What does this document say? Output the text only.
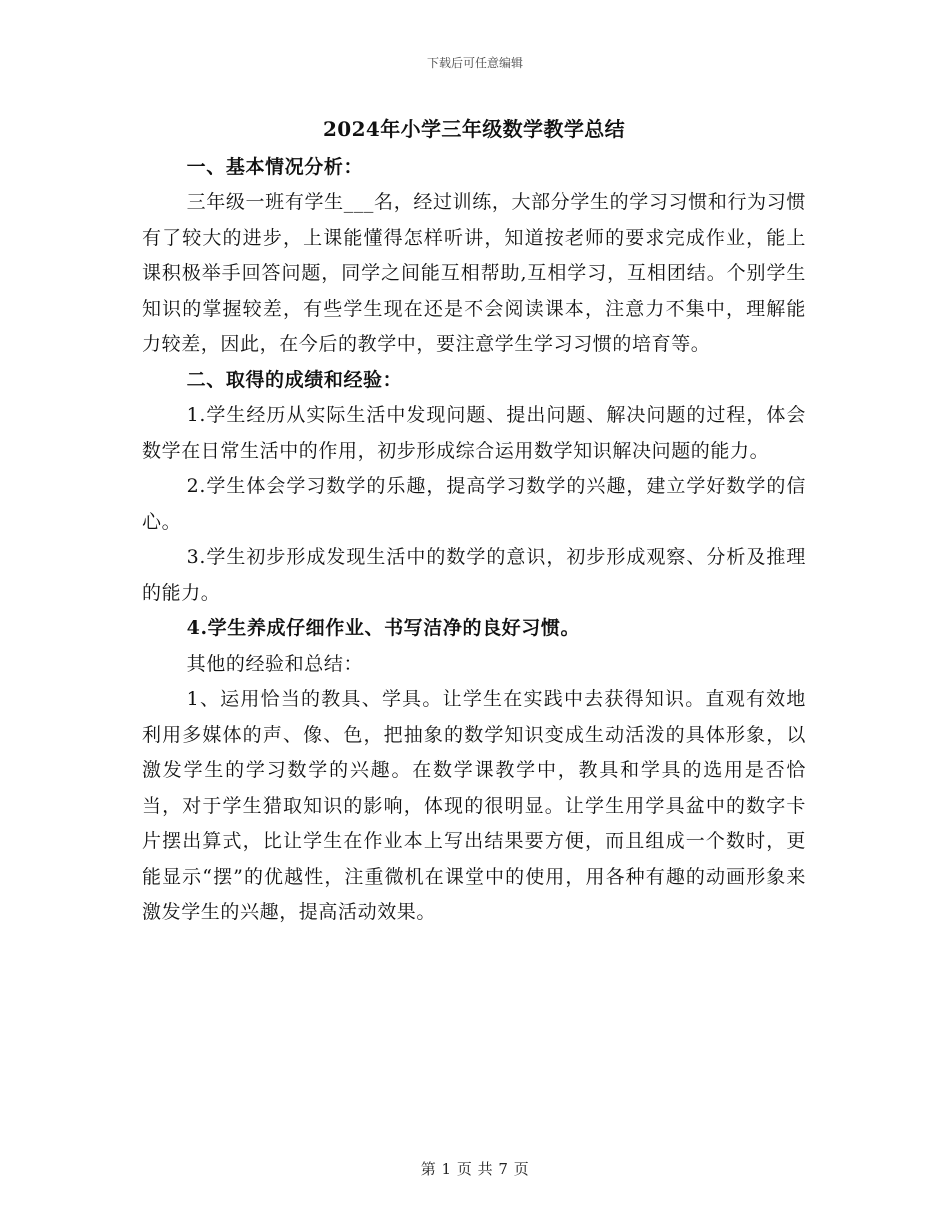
下载后可任意编辑
2024年小学三年级数学教学总结

一、基本情况分析：

三年级一班有学生___名，经过训练，大部分学生的学习习惯和行为习惯有了较大的进步，上课能懂得怎样听讲，知道按老师的要求完成作业，能上课积极举手回答问题，同学之间能互相帮助,互相学习，互相团结。个别学生知识的掌握较差，有些学生现在还是不会阅读课本，注意力不集中，理解能力较差，因此，在今后的教学中，要注意学生学习习惯的培育等。

二、取得的成绩和经验：

1.学生经历从实际生活中发现问题、提出问题、解决问题的过程，体会数学在日常生活中的作用，初步形成综合运用数学知识解决问题的能力。

2.学生体会学习数学的乐趣，提高学习数学的兴趣，建立学好数学的信心。

3.学生初步形成发现生活中的数学的意识，初步形成观察、分析及推理的能力。

4.学生养成仔细作业、书写洁净的良好习惯。

其他的经验和总结：

1、运用恰当的教具、学具。让学生在实践中去获得知识。直观有效地利用多媒体的声、像、色，把抽象的数学知识变成生动活泼的具体形象，以激发学生的学习数学的兴趣。在数学课教学中，教具和学具的选用是否恰当，对于学生猎取知识的影响，体现的很明显。让学生用学具盆中的数字卡片摆出算式，比让学生在作业本上写出结果要方便，而且组成一个数时，更能显示“摆”的优越性，注重微机在课堂中的使用，用各种有趣的动画形象来激发学生的兴趣，提高活动效果。

第 1 页 共 7 页
